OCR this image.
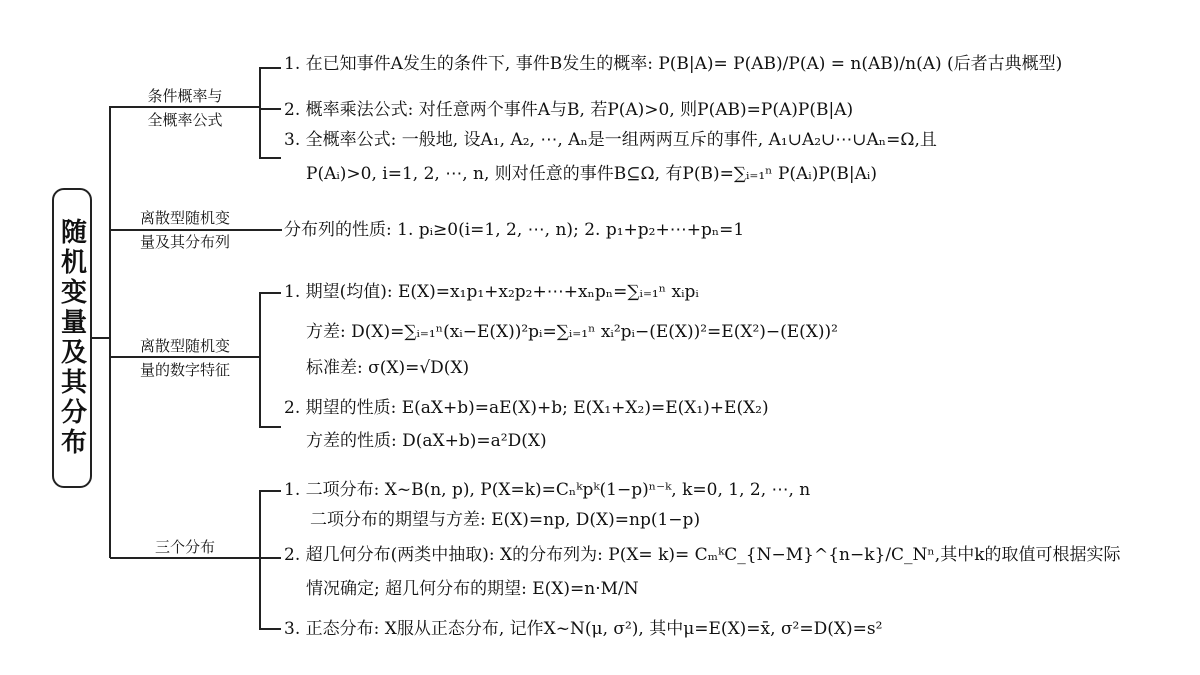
随机变量及其分布
条件概率与
全概率公式
1. 在已知事件A发生的条件下, 事件B发生的概率: P(B|A)= P(AB)/P(A) = n(AB)/n(A) (后者古典概型)
2. 概率乘法公式: 对任意两个事件A与B, 若P(A)>0, 则P(AB)=P(A)P(B|A)
3. 全概率公式: 一般地, 设A₁, A₂, ⋯, Aₙ是一组两两互斥的事件, A₁∪A₂∪⋯∪Aₙ=Ω,且
P(Aᵢ)>0, i=1, 2, ⋯, n, 则对任意的事件B⊆Ω, 有P(B)=∑ᵢ₌₁ⁿ P(Aᵢ)P(B|Aᵢ)
离散型随机变
量及其分布列
分布列的性质: 1. pᵢ≥0(i=1, 2, ⋯, n); 2. p₁+p₂+⋯+pₙ=1
离散型随机变
量的数字特征
1. 期望(均值): E(X)=x₁p₁+x₂p₂+⋯+xₙpₙ=∑ᵢ₌₁ⁿ xᵢpᵢ
方差: D(X)=∑ᵢ₌₁ⁿ(xᵢ−E(X))²pᵢ=∑ᵢ₌₁ⁿ xᵢ²pᵢ−(E(X))²=E(X²)−(E(X))²
标准差: σ(X)=√D(X)
2. 期望的性质: E(aX+b)=aE(X)+b; E(X₁+X₂)=E(X₁)+E(X₂)
方差的性质: D(aX+b)=a²D(X)
三个分布
1. 二项分布: X~B(n, p), P(X=k)=Cₙᵏpᵏ(1−p)ⁿ⁻ᵏ, k=0, 1, 2, ⋯, n
二项分布的期望与方差: E(X)=np, D(X)=np(1−p)
2. 超几何分布(两类中抽取): X的分布列为: P(X= k)= CₘᵏC_{N−M}^{n−k}/C_Nⁿ,其中k的取值可根据实际
情况确定; 超几何分布的期望: E(X)=n·M/N
3. 正态分布: X服从正态分布, 记作X~N(μ, σ²), 其中μ=E(X)=x̄, σ²=D(X)=s²
